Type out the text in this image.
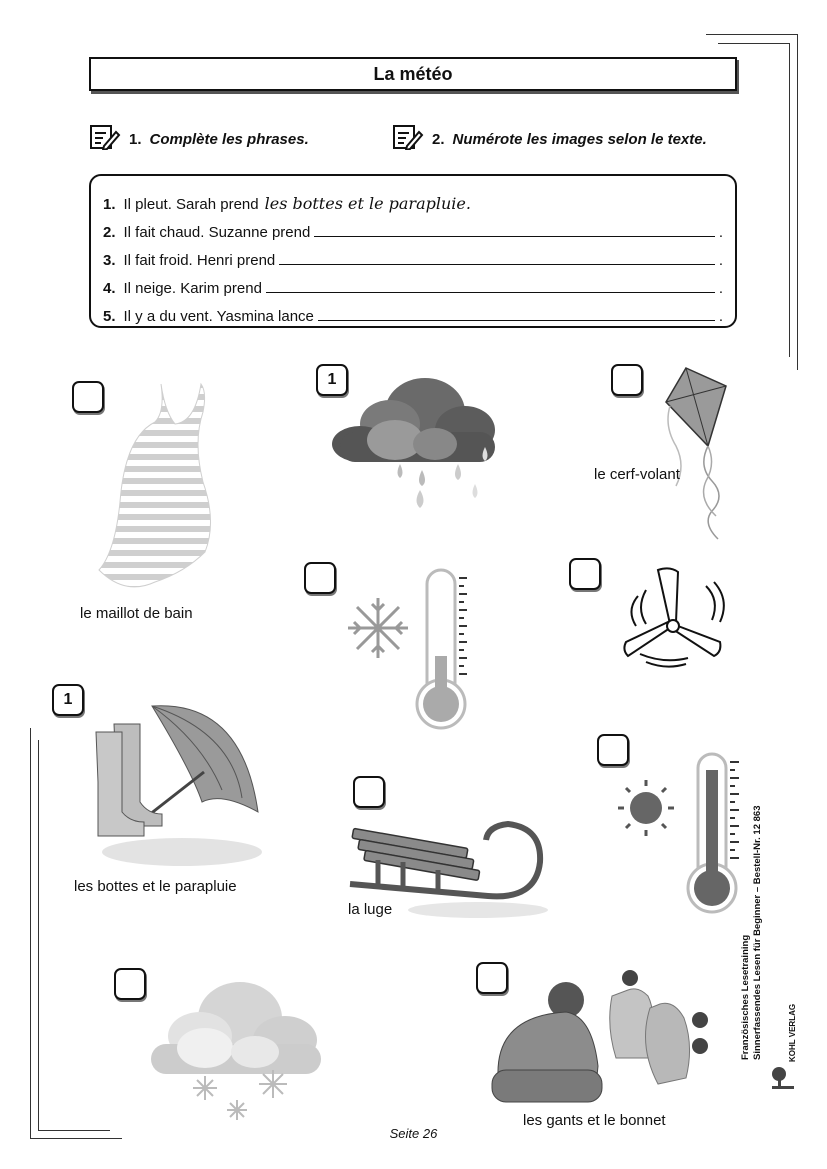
La météo
1. Complète les phrases.	2. Numérote les images selon le texte.
1. Il pleut. Sarah prend les bottes et le parapluie.
2. Il fait chaud. Suzanne prend	.
3. Il fait froid. Henri prend	.
4. Il neige. Karim prend	.
5. Il y a du vent. Yasmina lance	.
le maillot de bain
1
le cerf-volant
1
les bottes et le parapluie
la luge
les gants et le bonnet
Französisches Lesetraining Sinnerfassendes Lesen für Beginner – Bestell-Nr. 12 863	KOHL VERLAG
Seite 26
